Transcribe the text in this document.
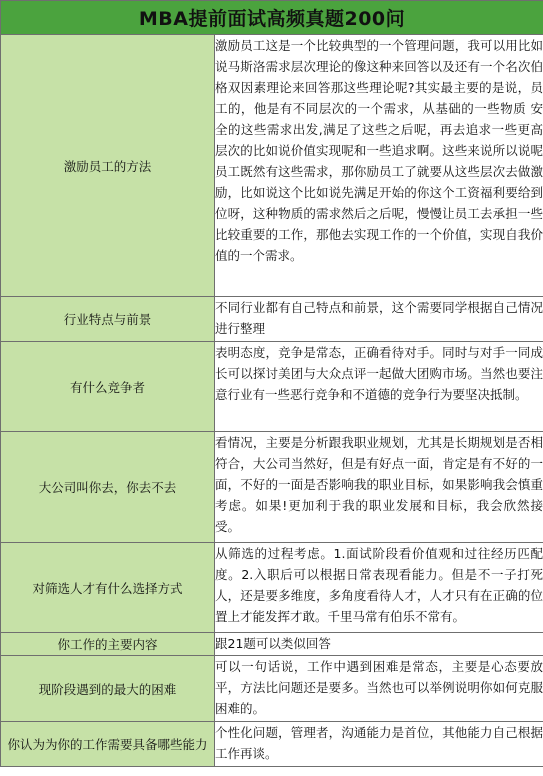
MBA提前面试高频真题200问	
激励员工的方法	激励员工这是一个比较典型的一个管理问题，我可以用比如说马斯洛需求层次理论的像这种来回答以及还有一个名次伯格双因素理论来回答那这些理论呢?其实最主要的是说，员工的，他是有不同层次的一个需求，从基础的一些物质 安全的这些需求出发,满足了这些之后呢，再去追求一些更高层次的比如说价值实现呢和一些追求啊。这些来说所以说呢员工既然有这些需求，那你励员工了就要从这些层次去做激励，比如说这个比如说先满足开始的你这个工资福利要给到位呀，这种物质的需求然后之后呢，慢慢让员工去承担一些比较重要的工作，那他去实现工作的一个价值，实现自我价值的一个需求。

行业特点与前景	不同行业都有自己特点和前景，这个需要同学根据自己情况进行整理

有什么竞争者	表明态度，竞争是常态，正确看待对手。同时与对手一同成长可以探讨美团与大众点评一起做大团购市场。当然也要注意行业有一些恶行竞争和不道德的竞争行为要坚决抵制。

大公司叫你去，你去不去	看情况，主要是分析跟我职业规划，尤其是长期规划是否相符合，大公司当然好，但是有好点一面，肯定是有不好的一面，不好的一面是否影响我的职业目标，如果影响我会慎重考虑。如果!更加利于我的职业发展和目标，我会欣然接受。

对筛选人才有什么选择方式	从筛选的过程考虑。1.面试阶段看价值观和过往经历匹配度。2.入职后可以根据日常表现看能力。但是不一子打死人，还是要多维度，多角度看待人才，人才只有在正确的位置上才能发挥才敢。千里马常有伯乐不常有。

你工作的主要内容	跟21题可以类似回答

现阶段遇到的最大的困难	可以一句话说，工作中遇到困难是常态，主要是心态要放平，方法比问题还是要多。当然也可以举例说明你如何克服困难的。

你认为为你的工作需要具备哪些能力	个性化问题，管理者，沟通能力是首位，其他能力自己根据工作再谈。
